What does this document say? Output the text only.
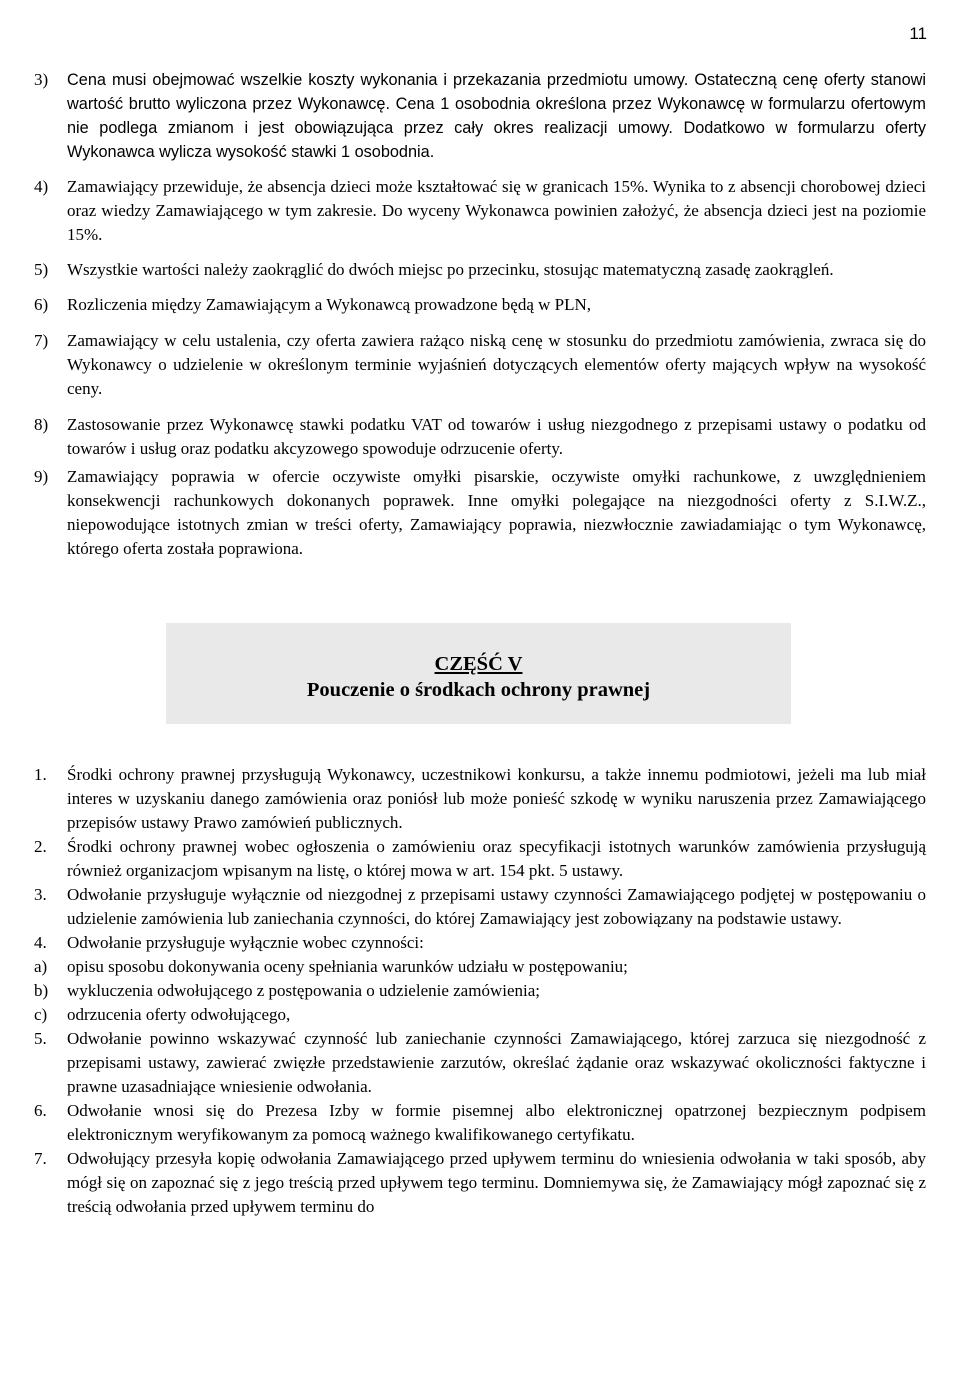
11
3)	Cena musi obejmować wszelkie koszty wykonania i przekazania przedmiotu umowy. Ostateczną cenę oferty stanowi wartość brutto wyliczona przez Wykonawcę. Cena 1 osobodnia określona przez Wykonawcę w formularzu ofertowym nie podlega zmianom i jest obowiązująca przez cały okres realizacji umowy. Dodatkowo w formularzu oferty Wykonawca wylicza wysokość stawki 1 osobodnia.
4)	Zamawiający przewiduje, że absencja dzieci może kształtować się w granicach 15%. Wynika to z absencji chorobowej dzieci oraz wiedzy Zamawiającego w tym zakresie. Do wyceny Wykonawca powinien założyć, że absencja dzieci jest na poziomie 15%.
5)	Wszystkie wartości należy zaokrąglić do dwóch miejsc po przecinku, stosując matematyczną zasadę zaokrągleń.
6)	Rozliczenia między Zamawiającym a Wykonawcą prowadzone będą w PLN,
7)	Zamawiający w celu ustalenia, czy oferta zawiera rażąco niską cenę w stosunku do przedmiotu zamówienia, zwraca się do Wykonawcy o udzielenie w określonym terminie wyjaśnień dotyczących elementów oferty mających wpływ na wysokość ceny.
8)	Zastosowanie przez Wykonawcę stawki podatku VAT od towarów i usług niezgodnego z przepisami ustawy o podatku od towarów i usług oraz podatku akcyzowego spowoduje odrzucenie oferty.
9)	Zamawiający poprawia w ofercie oczywiste omyłki pisarskie, oczywiste omyłki rachunkowe, z uwzględnieniem konsekwencji rachunkowych dokonanych poprawek. Inne omyłki polegające na niezgodności oferty z S.I.W.Z., niepowodujące istotnych zmian w treści oferty, Zamawiający poprawia, niezwłocznie zawiadamiając o tym Wykonawcę, którego oferta została poprawiona.
CZĘŚĆ V
Pouczenie o środkach ochrony prawnej
1.	Środki ochrony prawnej przysługują Wykonawcy, uczestnikowi konkursu, a także innemu podmiotowi, jeżeli ma lub miał interes w uzyskaniu danego zamówienia oraz poniósł lub może ponieść szkodę w wyniku naruszenia przez Zamawiającego przepisów ustawy Prawo zamówień publicznych.
2.	Środki ochrony prawnej wobec ogłoszenia o zamówieniu oraz specyfikacji istotnych warunków zamówienia przysługują również organizacjom wpisanym na listę, o której mowa w art. 154 pkt. 5 ustawy.
3.	Odwołanie przysługuje wyłącznie od niezgodnej z przepisami ustawy czynności Zamawiającego podjętej w postępowaniu o udzielenie zamówienia lub zaniechania czynności, do której Zamawiający jest zobowiązany na podstawie ustawy.
4.	Odwołanie przysługuje wyłącznie wobec czynności:
a)	opisu sposobu dokonywania oceny spełniania warunków udziału w postępowaniu;
b)	wykluczenia odwołującego z postępowania o udzielenie zamówienia;
c)	odrzucenia oferty odwołującego,
5.	Odwołanie powinno wskazywać czynność lub zaniechanie czynności Zamawiającego, której zarzuca się niezgodność z przepisami ustawy, zawierać zwięzłe przedstawienie zarzutów, określać żądanie oraz wskazywać okoliczności faktyczne i prawne uzasadniające wniesienie odwołania.
6.	Odwołanie wnosi się do Prezesa Izby w formie pisemnej albo elektronicznej opatrzonej bezpiecznym podpisem elektronicznym weryfikowanym za pomocą ważnego kwalifikowanego certyfikatu.
7.	Odwołujący przesyła kopię odwołania Zamawiającego przed upływem terminu do wniesienia odwołania w taki sposób, aby mógł się on zapoznać się z jego treścią przed upływem tego terminu. Domniemywa się, że Zamawiający mógł zapoznać się z treścią odwołania przed upływem terminu do
